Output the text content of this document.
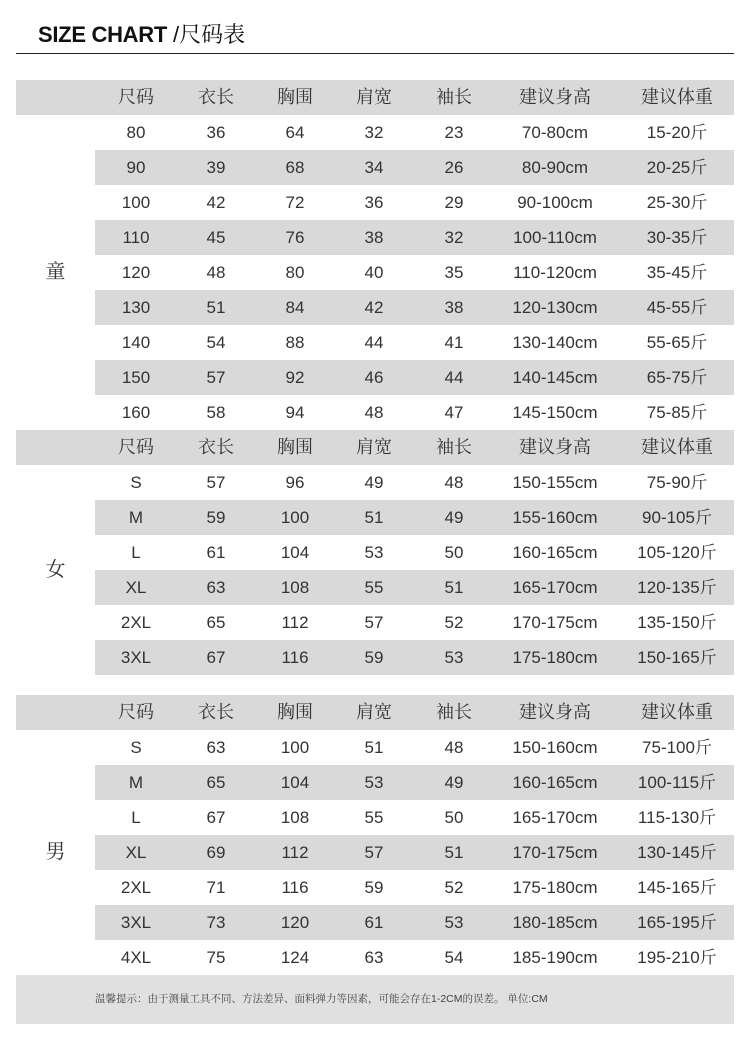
SIZE CHART /尺码表
尺码	衣长	胸围	肩宽	袖长	建议身高	建议体重
80	36	64	32	23	70-80cm	15-20斤
90	39	68	34	26	80-90cm	20-25斤
100	42	72	36	29	90-100cm	25-30斤
110	45	76	38	32	100-110cm	30-35斤
120	48	80	40	35	110-120cm	35-45斤
130	51	84	42	38	120-130cm	45-55斤
140	54	88	44	41	130-140cm	55-65斤
150	57	92	46	44	140-145cm	65-75斤
160	58	94	48	47	145-150cm	75-85斤
童
尺码	衣长	胸围	肩宽	袖长	建议身高	建议体重
S	57	96	49	48	150-155cm	75-90斤
M	59	100	51	49	155-160cm	90-105斤
L	61	104	53	50	160-165cm	105-120斤
XL	63	108	55	51	165-170cm	120-135斤
2XL	65	112	57	52	170-175cm	135-150斤
3XL	67	116	59	53	175-180cm	150-165斤
女
尺码	衣长	胸围	肩宽	袖长	建议身高	建议体重
S	63	100	51	48	150-160cm	75-100斤
M	65	104	53	49	160-165cm	100-115斤
L	67	108	55	50	165-170cm	115-130斤
XL	69	112	57	51	170-175cm	130-145斤
2XL	71	116	59	52	175-180cm	145-165斤
3XL	73	120	61	53	180-185cm	165-195斤
4XL	75	124	63	54	185-190cm	195-210斤
男
温馨提示：由于测量工具不同、方法差异、面料弹力等因素，可能会存在1-2CM的误差。 单位:CM
